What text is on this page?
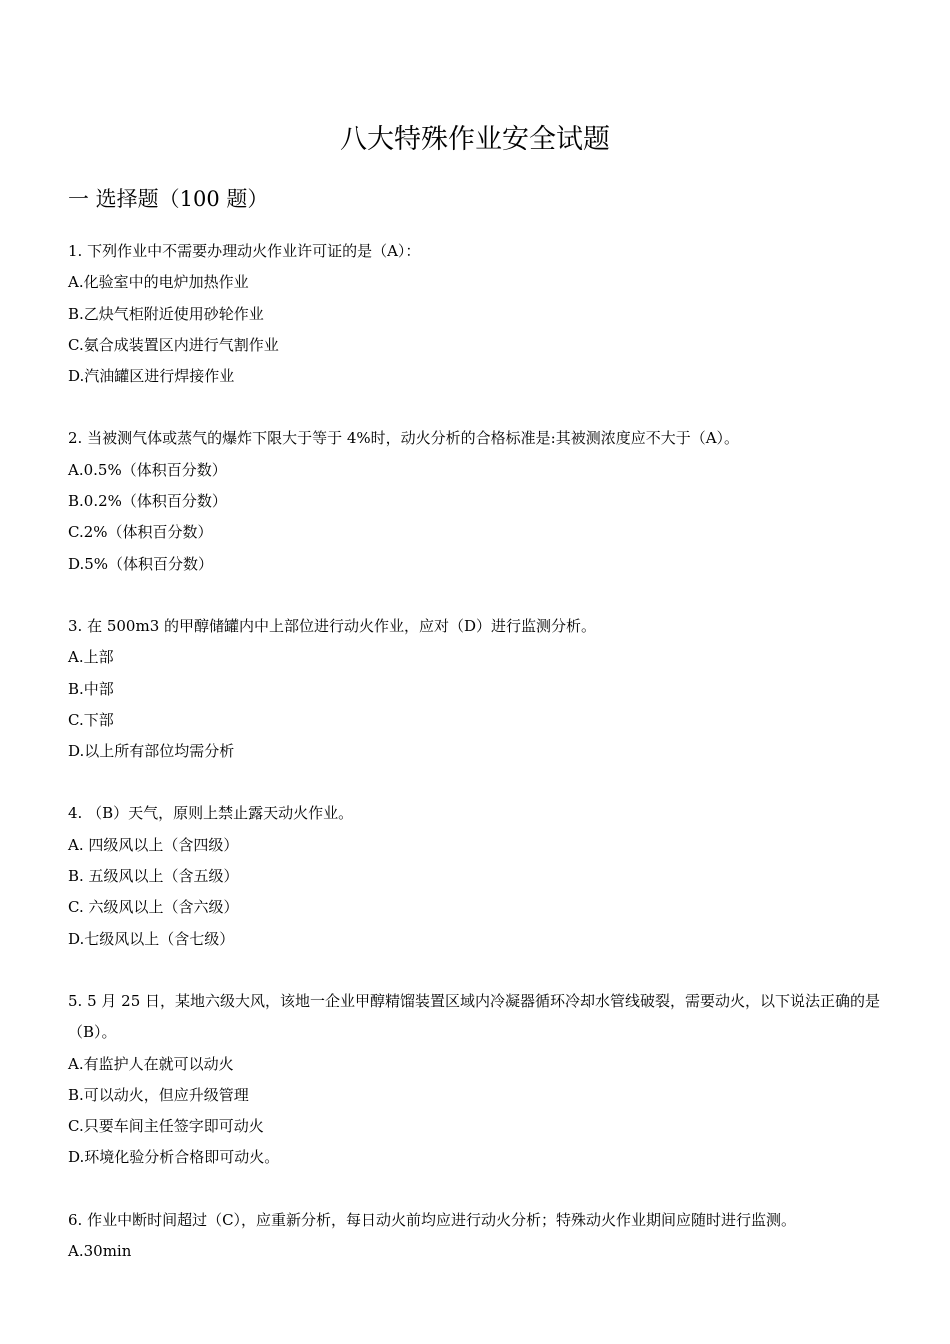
八大特殊作业安全试题
一 选择题（100 题）
1. 下列作业中不需要办理动火作业许可证的是（A）：
A.化验室中的电炉加热作业
B.乙炔气柜附近使用砂轮作业
C.氨合成装置区内进行气割作业
D.汽油罐区进行焊接作业
2. 当被测气体或蒸气的爆炸下限大于等于 4%时，动火分析的合格标准是:其被测浓度应不大于（A）。
A.0.5%（体积百分数）
B.0.2%（体积百分数）
C.2%（体积百分数）
D.5%（体积百分数）
3. 在 500m3 的甲醇储罐内中上部位进行动火作业，应对（D）进行监测分析。
A.上部
B.中部
C.下部
D.以上所有部位均需分析
4. （B）天气，原则上禁止露天动火作业。
A. 四级风以上（含四级）
B. 五级风以上（含五级）
C. 六级风以上（含六级）
D.七级风以上（含七级）
5. 5 月 25 日，某地六级大风，该地一企业甲醇精馏装置区域内冷凝器循环冷却水管线破裂，需要动火，以下说法正确的是（B）。
A.有监护人在就可以动火
B.可以动火，但应升级管理
C.只要车间主任签字即可动火
D.环境化验分析合格即可动火。
6. 作业中断时间超过（C），应重新分析，每日动火前均应进行动火分析；特殊动火作业期间应随时进行监测。
A.30min
